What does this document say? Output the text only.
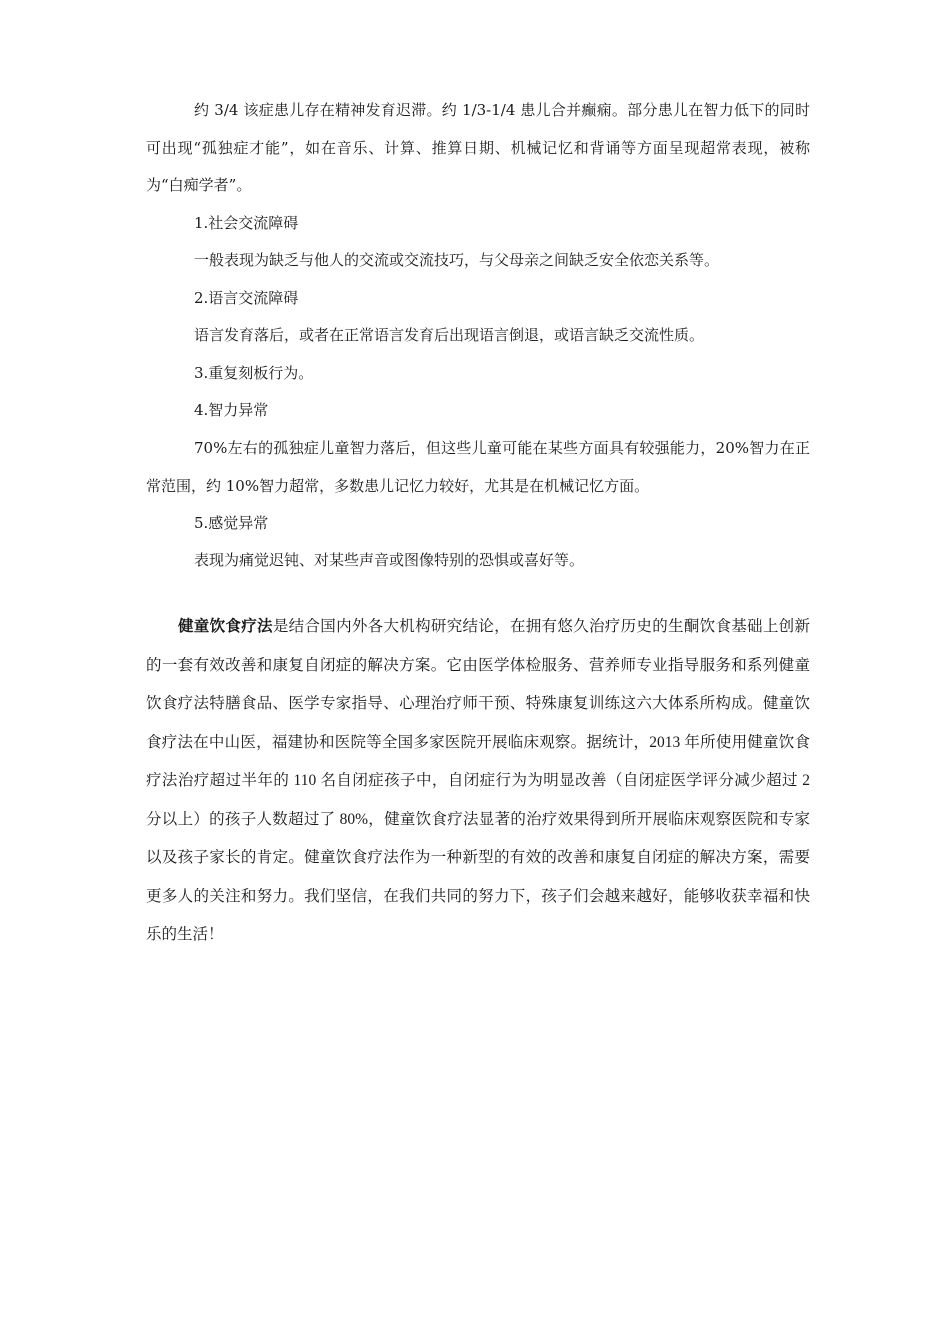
约 3/4 该症患儿存在精神发育迟滞。约 1/3-1/4 患儿合并癫痫。部分患儿在智力低下的同时可出现“孤独症才能”，如在音乐、计算、推算日期、机械记忆和背诵等方面呈现超常表现，被称为“白痴学者”。

1.社会交流障碍

一般表现为缺乏与他人的交流或交流技巧，与父母亲之间缺乏安全依恋关系等。

2.语言交流障碍

语言发育落后，或者在正常语言发育后出现语言倒退，或语言缺乏交流性质。

3.重复刻板行为。

4.智力异常

70%左右的孤独症儿童智力落后，但这些儿童可能在某些方面具有较强能力，20%智力在正常范围，约 10%智力超常，多数患儿记忆力较好，尤其是在机械记忆方面。

5.感觉异常

表现为痛觉迟钝、对某些声音或图像特别的恐惧或喜好等。

健童饮食疗法是结合国内外各大机构研究结论，在拥有悠久治疗历史的生酮饮食基础上创新的一套有效改善和康复自闭症的解决方案。它由医学体检服务、营养师专业指导服务和系列健童饮食疗法特膳食品、医学专家指导、心理治疗师干预、特殊康复训练这六大体系所构成。健童饮食疗法在中山医，福建协和医院等全国多家医院开展临床观察。据统计，2013 年所使用健童饮食疗法治疗超过半年的 110 名自闭症孩子中，自闭症行为为明显改善（自闭症医学评分减少超过 2 分以上）的孩子人数超过了 80%，健童饮食疗法显著的治疗效果得到所开展临床观察医院和专家以及孩子家长的肯定。健童饮食疗法作为一种新型的有效的改善和康复自闭症的解决方案，需要更多人的关注和努力。我们坚信，在我们共同的努力下，孩子们会越来越好，能够收获幸福和快乐的生活！
